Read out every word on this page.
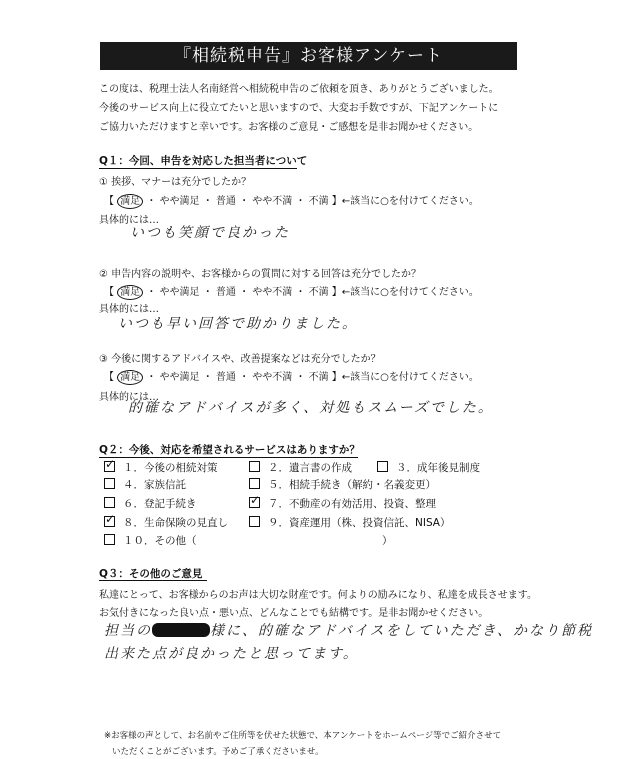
『相続税申告』お客様アンケート
この度は、税理士法人名南経営へ相続税申告のご依頼を頂き、ありがとうございました。
今後のサービス向上に役立てたいと思いますので、大変お手数ですが、下記アンケートに
ご協力いただけますと幸いです。お客様のご意見・ご感想を是非お聞かせください。
Q１：今回、申告を対応した担当者について
① 挨拶、マナーは充分でしたか？
【 満足 ・ やや満足 ・ 普通 ・ やや不満 ・ 不満 】←該当に○を付けてください。
具体的には…
いつも笑顔で良かった
② 申告内容の説明や、お客様からの質問に対する回答は充分でしたか？
【 満足 ・ やや満足 ・ 普通 ・ やや不満 ・ 不満 】←該当に○を付けてください。
具体的には…
いつも早い回答で助かりました。
③ 今後に関するアドバイスや、改善提案などは充分でしたか？
【 満足 ・ やや満足 ・ 普通 ・ やや不満 ・ 不満 】←該当に○を付けてください。
具体的には…
的確なアドバイスが多く、対処もスムーズでした。
Q２：今後、対応を希望されるサービスはありますか？
✓１．今後の相続対策	２．遺言書の作成	３．成年後見制度
４．家族信託	５．相続手続き（解約・名義変更）
６．登記手続き
✓	７．不動産の有効活用、投資、整理
✓８．生命保険の見直し	９．資産運用（株、投資信託、NISA）
１０．その他（	）
Q３：その他のご意見
私達にとって、お客様からのお声は大切な財産です。何よりの励みになり、私達を成長させます。
お気付きになった良い点・悪い点、どんなことでも結構です。是非お聞かせください。
担当の	様に、的確なアドバイスをしていただき、かなり節税
出来た点が良かったと思ってます。
※お客様の声として、お名前やご住所等を伏せた状態で、本アンケートをホームページ等でご紹介させて
いただくことがございます。予めご了承くださいませ。
